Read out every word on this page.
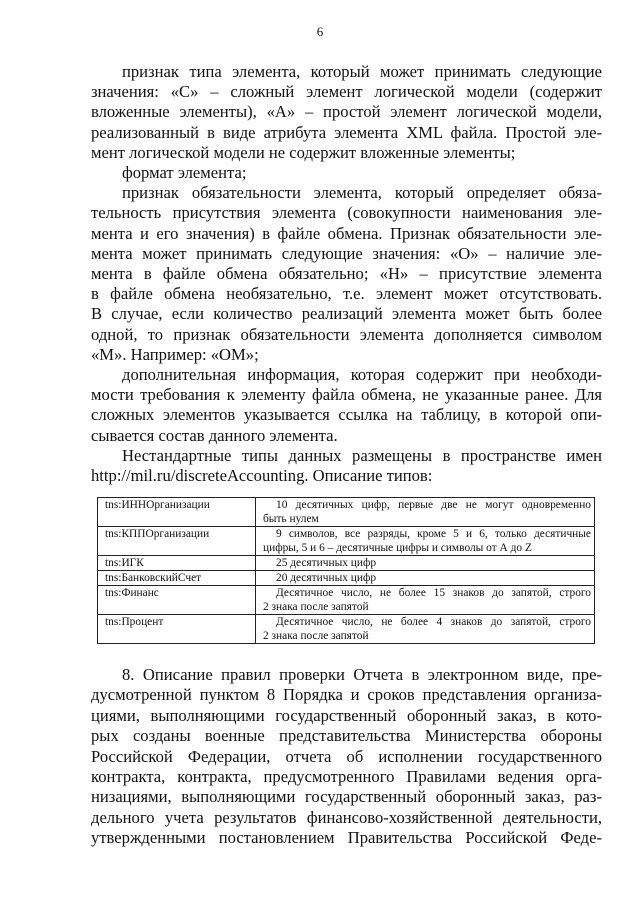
6
признак типа элемента, который может принимать следующие
значения: «С» – сложный элемент логической модели (содержит
вложенные элементы), «А» – простой элемент логической модели,
реализованный в виде атрибута элемента XML файла. Простой эле-
мент логической модели не содержит вложенные элементы;
формат элемента;
признак обязательности элемента, который определяет обяза-
тельность присутствия элемента (совокупности наименования эле-
мента и его значения) в файле обмена. Признак обязательности эле-
мента может принимать следующие значения: «О» – наличие эле-
мента в файле обмена обязательно; «Н» – присутствие элемента
в файле обмена необязательно, т.е. элемент может отсутствовать.
В случае, если количество реализаций элемента может быть более
одной, то признак обязательности элемента дополняется символом
«М». Например: «ОМ»;
дополнительная информация, которая содержит при необходи-
мости требования к элементу файла обмена, не указанные ранее. Для
сложных элементов указывается ссылка на таблицу, в которой опи-
сывается состав данного элемента.
Нестандартные типы данных размещены в пространстве имен
http://mil.ru/discreteAccounting. Описание типов:
tns:ИННОрганизации	10 десятичных цифр, первые две не могут одновременно
быть нулем

tns:КППОрганизации	9 символов, все разряды, кроме 5 и 6, только десятичные
цифры, 5 и 6 – десятичные цифры и символы от А до Z

tns:ИГК	25 десятичных цифр

tns:БанковскийСчет	20 десятичных цифр

tns:Финанс	Десятичное число, не более 15 знаков до запятой, строго
2 знака после запятой

tns:Процент	Десятичное число, не более 4 знаков до запятой, строго
2 знака после запятой
8. Описание правил проверки Отчета в электронном виде, пре-
дусмотренной пунктом 8 Порядка и сроков представления организа-
циями, выполняющими государственный оборонный заказ, в кото-
рых созданы военные представительства Министерства обороны
Российской Федерации, отчета об исполнении государственного
контракта, контракта, предусмотренного Правилами ведения орга-
низациями, выполняющими государственный оборонный заказ, раз-
дельного учета результатов финансово-хозяйственной деятельности,
утвержденными постановлением Правительства Российской Феде-
